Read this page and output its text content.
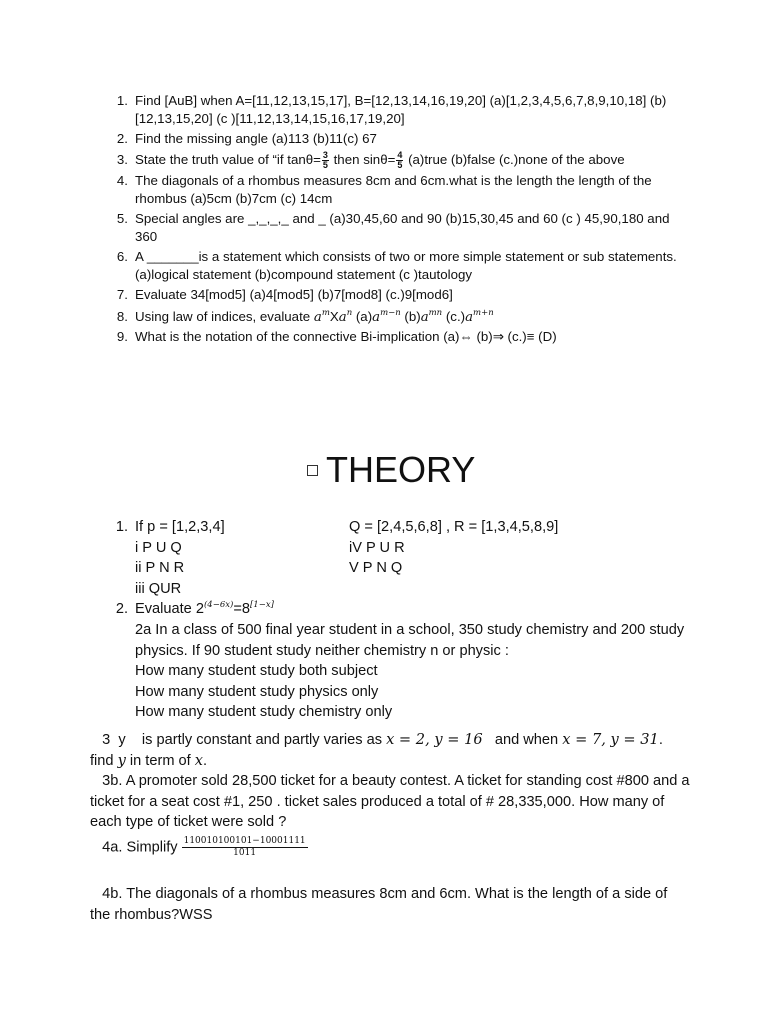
1. Find [AuB] when A=[11,12,13,15,17], B=[12,13,14,16,19,20] (a)[1,2,3,4,5,6,7,8,9,10,18] (b)[12,13,15,20] (c )[11,12,13,14,15,16,17,19,20]
2. Find the missing angle (a)113 (b)11(c) 67
3. State the truth value of “if $\tan\theta= \frac{3}{5}$ then $\sin\theta= \frac{4}{5}$ (a)true (b)false (c.)none of the above
4. The diagonals of a rhombus measures 8cm and 6cm.what is the length the length of the rhombus (a)5cm (b)7cm (c) 14cm
5. Special angles are _,_,_,_ and _ (a)30,45,60 and 90 (b)15,30,45 and 60 (c ) 45,90,180 and 360
6. A _______is a statement which consists of two or more simple statement or sub statements.(a)logical statement (b)compound statement (c )tautology
7. Evaluate 34[mod5] (a)4[mod5] (b)7[mod8] (c.)9[mod6]
8. Using law of indices, evaluate $a^mXa^n$ $(a)a^{m-n}$ $(b)a^{mn}$ $(c.)a^{m+n}$
9. What is the notation of the connective Bi-implication (a)⇔ (b)⇒ (c.)≡ (D)
THEORY
1. If p = [1,2,3,4]	Q = [2,4,5,6,8] , R = [1,3,4,5,8,9]
i P U Q	iV P U R
ii P N R	V P N Q
iii QUR
2. Evaluate $2^{(4-6x)}=8[1-x]$
2a In a class of 500 final year student in a school, 350 study chemistry and 200 study physics. If 90 student study neither chemistry n or physic :
How many student study both subject
How many student study physics only
How many student study chemistry only
3  y    is partly constant and partly varies as x = 2, y = 16   and when x = 7, y = 31.
find y in term of x.
3b. A promoter sold 28,500 ticket for a beauty contest. A ticket for standing cost #800 and a ticket for a seat cost #1, 250 . ticket sales produced a total of # 28,335,000. How many of each type of ticket were sold ?
4a. Simplify $\frac{110010100101-10001111}{1011}$
4b. The diagonals of a rhombus measures 8cm and 6cm. What is the length of a side of the rhombus?WSS
